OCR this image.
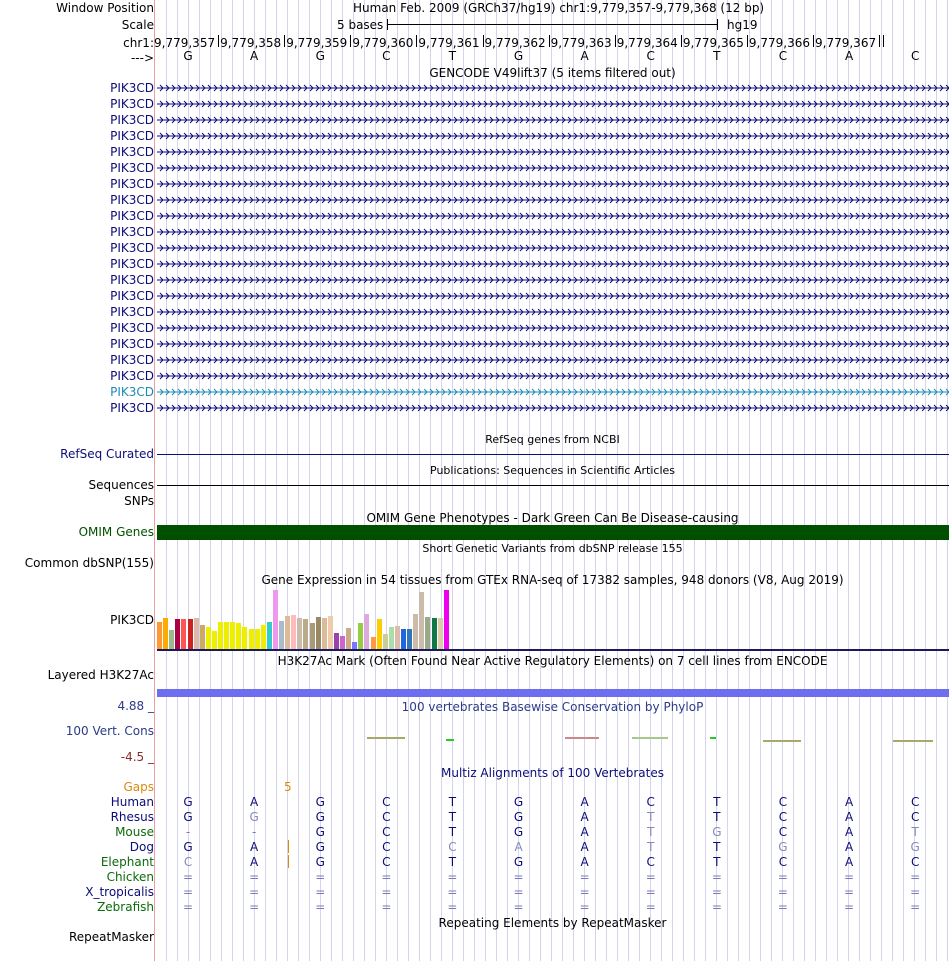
Window Position	Human Feb. 2009 (GRCh37/hg19) chr1:9,779,357-9,779,368 (12 bp)
Scale	5 bases	hg19
chr1: 9,779,357 9,779,358 9,779,359 9,779,360 9,779,361 9,779,362 9,779,363 9,779,364 9,779,365 9,779,366 9,779,367
--->	G	A	G	C	T	G	A	C	T	C	A	C
GENCODE V49lift37 (5 items filtered out)
PIK3CD
PIK3CD
PIK3CD
PIK3CD
PIK3CD
PIK3CD
PIK3CD
PIK3CD
PIK3CD
PIK3CD
PIK3CD
PIK3CD
PIK3CD
PIK3CD
PIK3CD
PIK3CD
PIK3CD
PIK3CD
PIK3CD
PIK3CD
PIK3CD
RefSeq genes from NCBI
RefSeq Curated
Publications: Sequences in Scientific Articles
Sequences
SNPs
OMIM Gene Phenotypes - Dark Green Can Be Disease-causing
OMIM Genes
Short Genetic Variants from dbSNP release 155
Common dbSNP(155)
Gene Expression in 54 tissues from GTEx RNA-seq of 17382 samples, 948 donors (V8, Aug 2019)
PIK3CD
H3K27Ac Mark (Often Found Near Active Regulatory Elements) on 7 cell lines from ENCODE
Layered H3K27Ac
100 vertebrates Basewise Conservation by PhyloP
4.88 _
100 Vert. Cons
-4.5 _
Multiz Alignments of 100 Vertebrates
Gaps	5
Human	G	A	G	C	T	G	A	C	T	C	A	C
Rhesus	G	G	G	C	T	G	A	T	T	C	A	C
Mouse	-	-	G	C	T	G	A	T	G	C	A	T
Dog	G	A	G	C	C	A	A	T	T	G	A	G
Elephant	C	A	G	C	T	G	A	C	T	C	A	C
Chicken	=	=	=	=	=	=	=	=	=	=	=	=
X_tropicalis	=	=	=	=	=	=	=	=	=	=	=	=
Zebrafish	=	=	=	=	=	=	=	=	=	=	=	=
Repeating Elements by RepeatMasker
RepeatMasker
